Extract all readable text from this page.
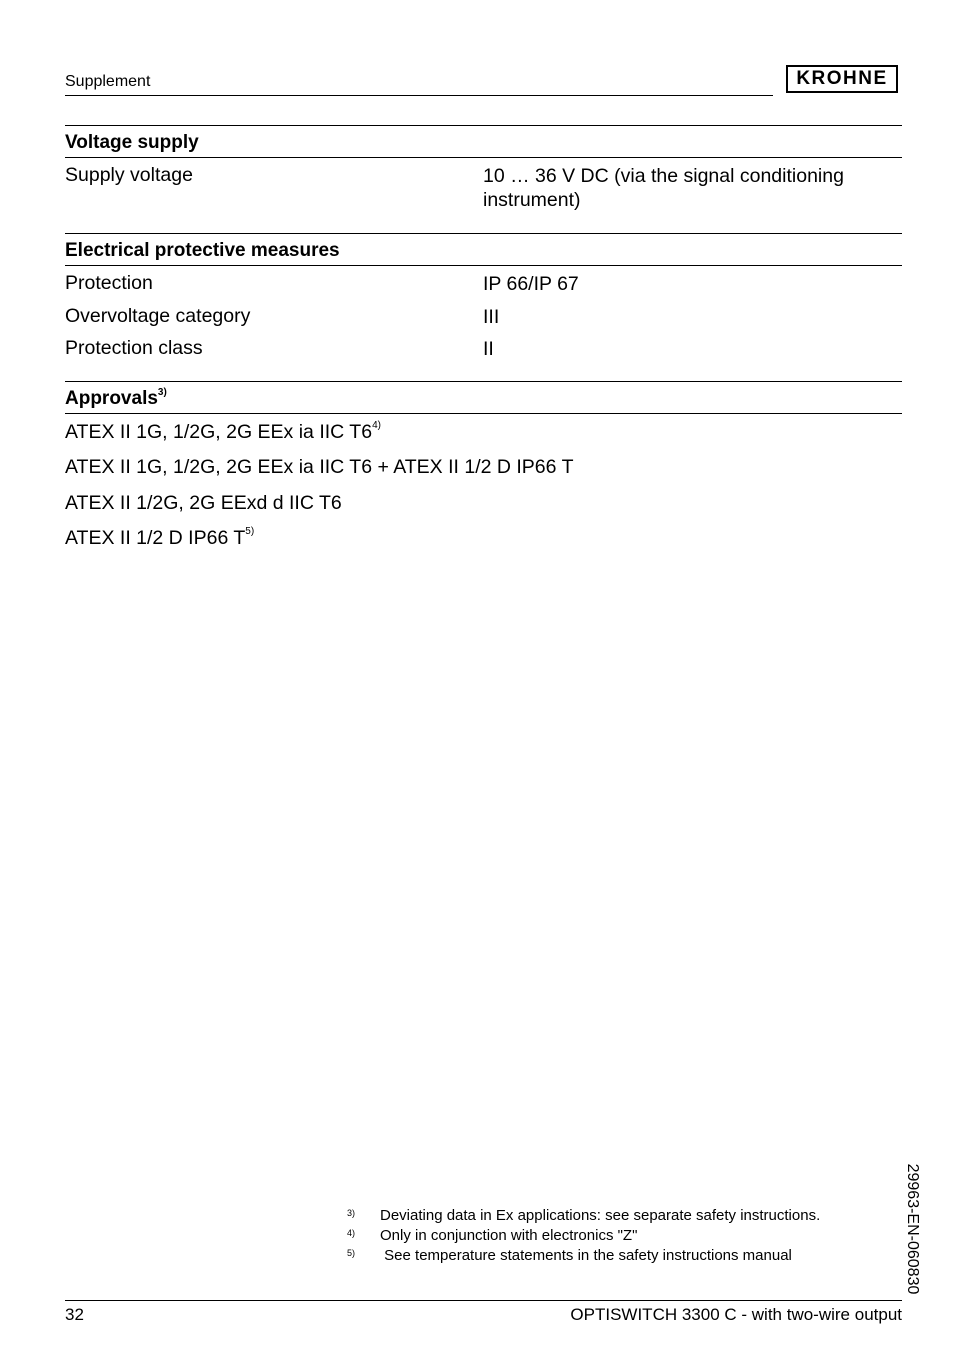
Supplement	KROHNE
Voltage supply
Supply voltage	10 … 36 V DC (via the signal conditioning instrument)
Electrical protective measures
Protection	IP 66/IP 67
Overvoltage category	III
Protection class	II
Approvals$^{3)}$
ATEX II 1G, 1/2G, 2G EEx ia IIC T6$^{4)}$
ATEX II 1G, 1/2G, 2G EEx ia IIC T6 + ATEX II 1/2 D IP66 T
ATEX II 1/2G, 2G EExd d IIC T6
ATEX II 1/2 D IP66 T$^{5)}$
3) Deviating data in Ex applications: see separate safety instructions.
4) Only in conjunction with electronics "Z"
5) See temperature statements in the safety instructions manual	29963-EN-060830
32	OPTISWITCH 3300 C - with two-wire output
